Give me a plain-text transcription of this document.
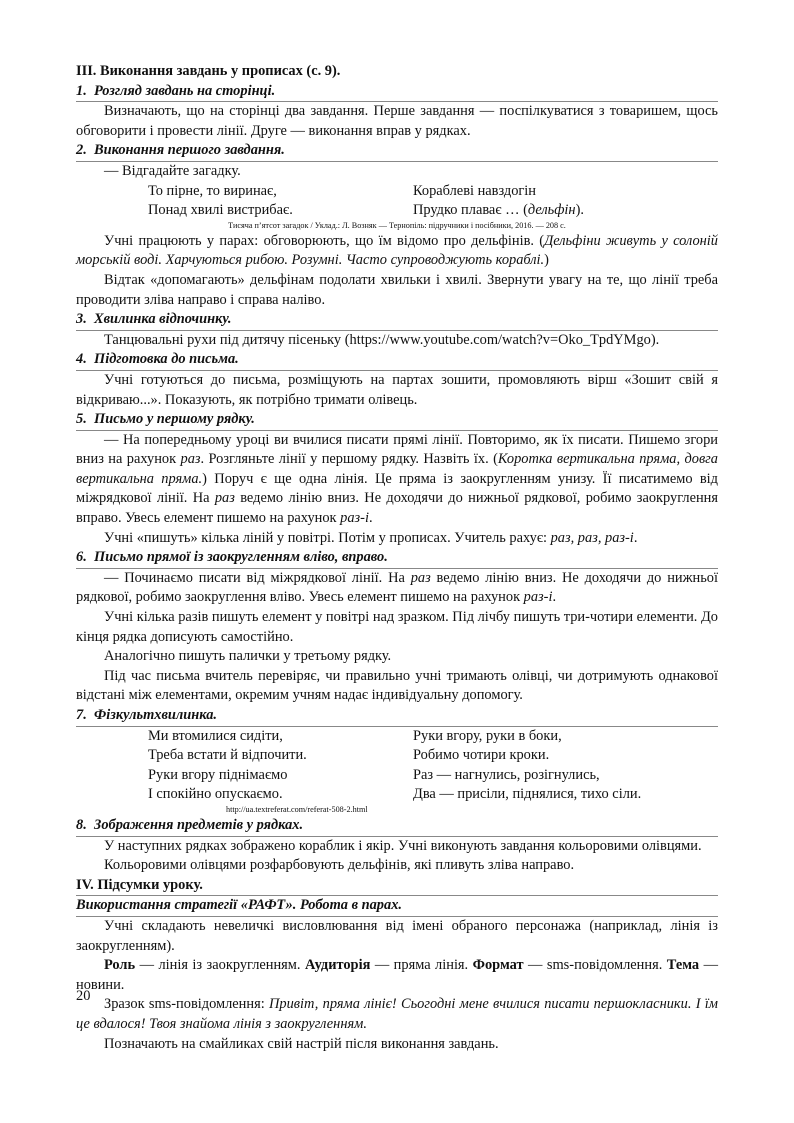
III. Виконання завдань у прописах (с. 9).

1. Розгляд завдань на сторінці.

Визначають, що на сторінці два завдання. Перше завдання — поспілкуватися з товаришем, щось обговорити і провести лінії. Друге — виконання вправ у рядках.

2. Виконання першого завдання.

— Відгадайте загадку.

То пірне, то виринає,	Кораблеві навздогін
Понад хвилі вистрибає.	Прудко плаває … (дельфін).

Тисяча п’ятсот загадок / Уклад.: Л. Возняк — Тернопіль: підручники і посібники, 2016. — 208 с.

Учні працюють у парах: обговорюють, що їм відомо про дельфінів. (Дельфіни живуть у солоній морській воді. Харчуються рибою. Розумні. Часто супроводжують кораблі.)

Відтак «допомагають» дельфінам подолати хвильки і хвилі. Звернути увагу на те, що лінії треба проводити зліва направо і справа наліво.

3. Хвилинка відпочинку.

Танцювальні рухи під дитячу пісеньку (https://www.youtube.com/watch?v=Oko_TpdYMgo).

4. Підготовка до письма.

Учні готуються до письма, розміщують на партах зошити, промовляють вірш «Зошит свій я відкриваю...». Показують, як потрібно тримати олівець.

5. Письмо у першому рядку.

— На попередньому уроці ви вчилися писати прямі лінії. Повторимо, як їх писати. Пишемо згори вниз на рахунок раз. Розгляньте лінії у першому рядку. Назвіть їх. (Коротка вертикальна пряма, довга вертикальна пряма.) Поруч є ще одна лінія. Це пряма із заокругленням унизу. Її писатимемо від міжрядкової лінії. На раз ведемо лінію вниз. Не доходячи до нижньої рядкової, робимо заокруглення вправо. Увесь елемент пишемо на рахунок раз-і.

Учні «пишуть» кілька ліній у повітрі. Потім у прописах. Учитель рахує: раз, раз, раз-і.

6. Письмо прямої із заокругленням вліво, вправо.

— Починаємо писати від міжрядкової лінії. На раз ведемо лінію вниз. Не доходячи до нижньої рядкової, робимо заокруглення вліво. Увесь елемент пишемо на рахунок раз-і.

Учні кілька разів пишуть елемент у повітрі над зразком. Під лічбу пишуть три-чотири елементи. До кінця рядка дописують самостійно.

Аналогічно пишуть палички у третьому рядку.

Під час письма вчитель перевіряє, чи правильно учні тримають олівці, чи дотримують однакової відстані між елементами, окремим учням надає індивідуальну допомогу.

7. Фізкультхвилинка.

Ми втомилися сидіти,	Руки вгору, руки в боки,
Треба встати й відпочити.	Робимо чотири кроки.
Руки вгору піднімаємо	Раз — нагнулись, розігнулись,
І спокійно опускаємо.	Два — присіли, піднялися, тихо сіли.

http://ua.textreferat.com/referat-508-2.html

8. Зображення предметів у рядках.

У наступних рядках зображено кораблик і якір. Учні виконують завдання кольоровими олівцями.

Кольоровими олівцями розфарбовують дельфінів, які пливуть зліва направо.

IV. Підсумки уроку.

Використання стратегії «РАФТ». Робота в парах.

Учні складають невеличкі висловлювання від імені обраного персонажа (наприклад, лінія із заокругленням).

Роль — лінія із заокругленням. Аудиторія — пряма лінія. Формат — sms-повідомлення. Тема — новини.

Зразок sms-повідомлення: Привіт, пряма лініє! Сьогодні мене вчилися писати першокласники. І їм це вдалося! Твоя знайома лінія з заокругленням.

Позначають на смайликах свій настрій після виконання завдань.

20
